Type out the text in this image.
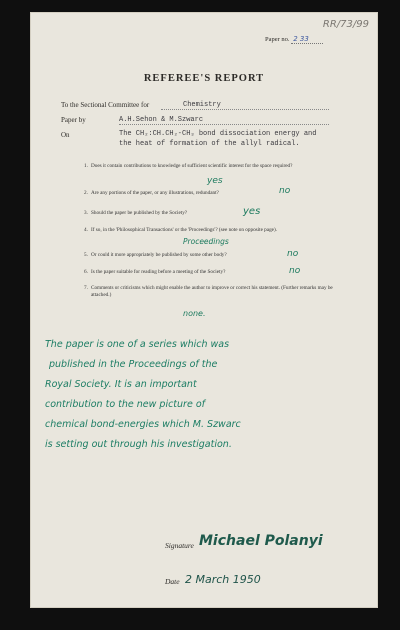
RR/73/99
Paper no. 2 33
REFEREE'S REPORT
To the Sectional Committee for	Chemistry
Paper by	A.H.Sehon & M.Szwarc
On	The CH₂:CH.CH₂-CH₃ bond dissociation energy and
the heat of formation of the allyl radical.
1. Does it contain contributions to knowledge of sufficient scientific interest for the space required?
yes
2. Are any portions of the paper, or any illustrations, redundant?	no
3. Should the paper be published by the Society?	yes
4. If so, in the 'Philosophical Transactions' or the 'Proceedings'? (see note on opposite page).
Proceedings
5. Or could it more appropriately be published by some other body?	no
6. Is the paper suitable for reading before a meeting of the Society?	no
7. Comments or criticisms which might enable the author to improve or correct his statement. (Further remarks may be attached.)
none.
The paper is one of a series which was
published in the Proceedings of the
Royal Society. It is an important
contribution to the new picture of
chemical bond-energies which M. Szwarc
is setting out through his investigation.
Signature Michael Polanyi
Date 2 March 1950
